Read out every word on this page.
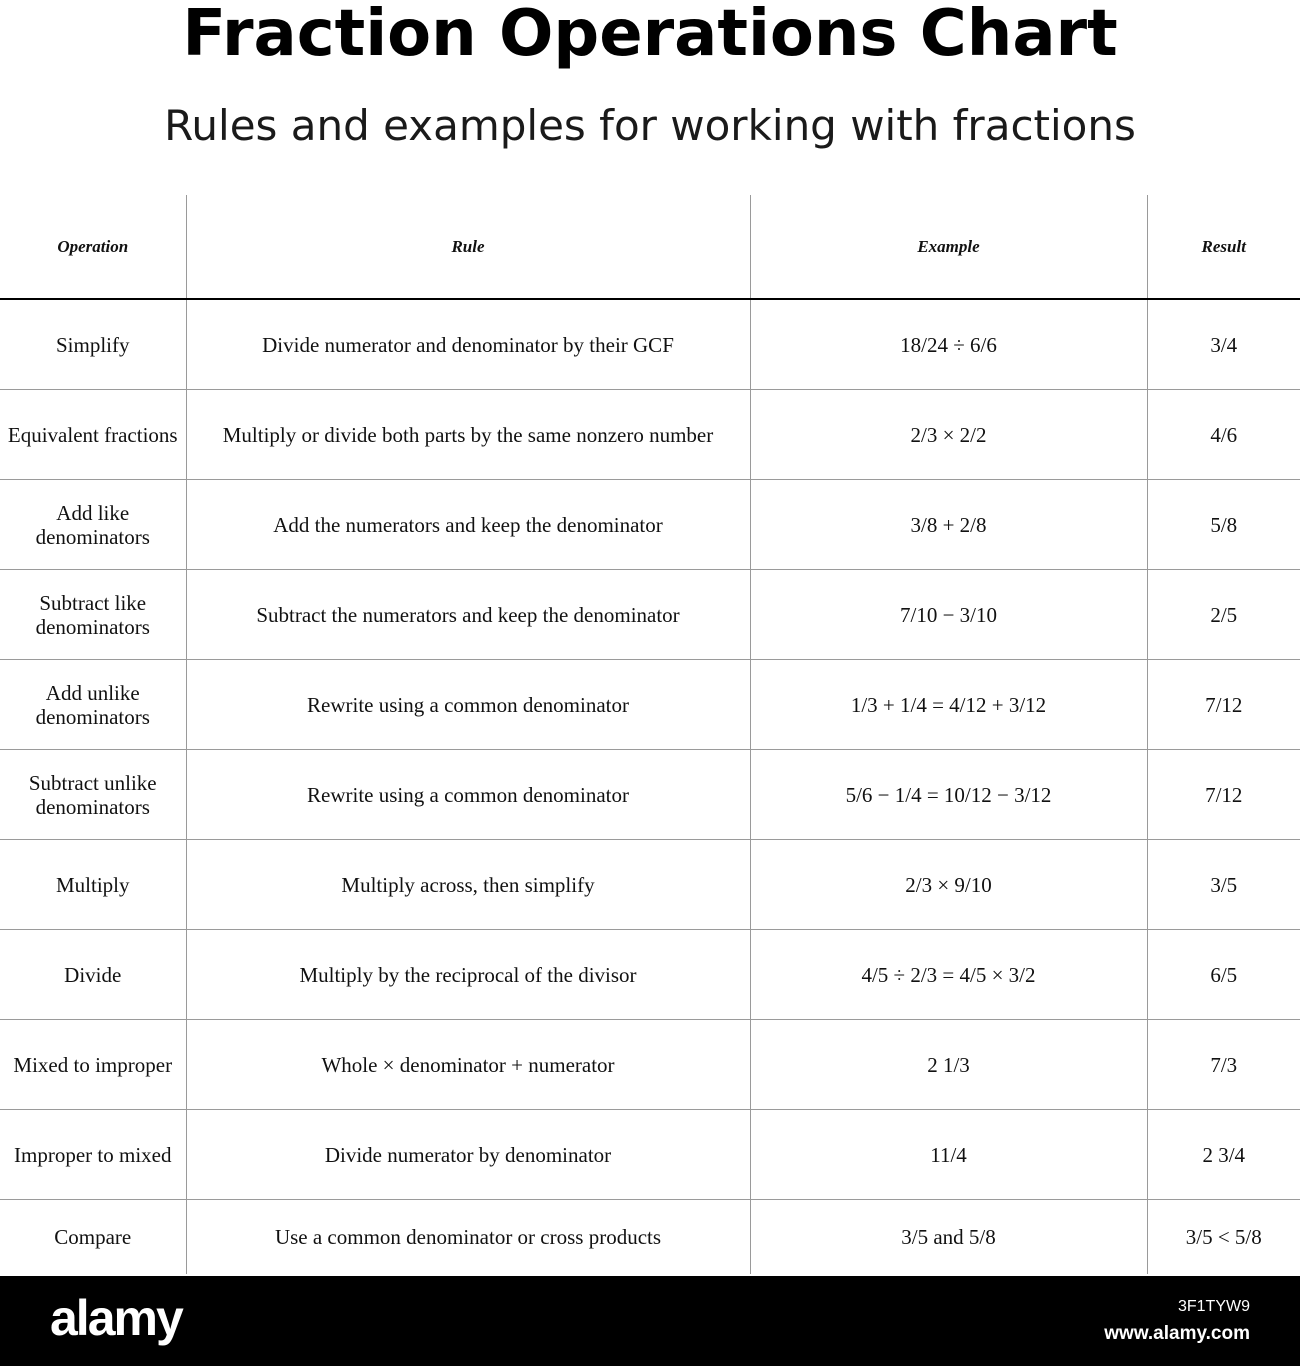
Fraction Operations Chart
Rules and examples for working with fractions
Operation	Rule	Example	Result
Simplify	Divide numerator and denominator by their GCF	18/24 ÷ 6/6	3/4
Equivalent fractions	Multiply or divide both parts by the same nonzero number	2/3 × 2/2	4/6
Add like denominators	Add the numerators and keep the denominator	3/8 + 2/8	5/8
Subtract like denominators	Subtract the numerators and keep the denominator	7/10 − 3/10	2/5
Add unlike denominators	Rewrite using a common denominator	1/3 + 1/4 = 4/12 + 3/12	7/12
Subtract unlike denominators	Rewrite using a common denominator	5/6 − 1/4 = 10/12 − 3/12	7/12
Multiply	Multiply across, then simplify	2/3 × 9/10	3/5
Divide	Multiply by the reciprocal of the divisor	4/5 ÷ 2/3 = 4/5 × 3/2	6/5
Mixed to improper	Whole × denominator + numerator	2 1/3	7/3
Improper to mixed	Divide numerator by denominator	11/4	2 3/4
Compare	Use a common denominator or cross products	3/5 and 5/8	3/5 < 5/8
alamy	3F1TYW9
www.alamy.com
